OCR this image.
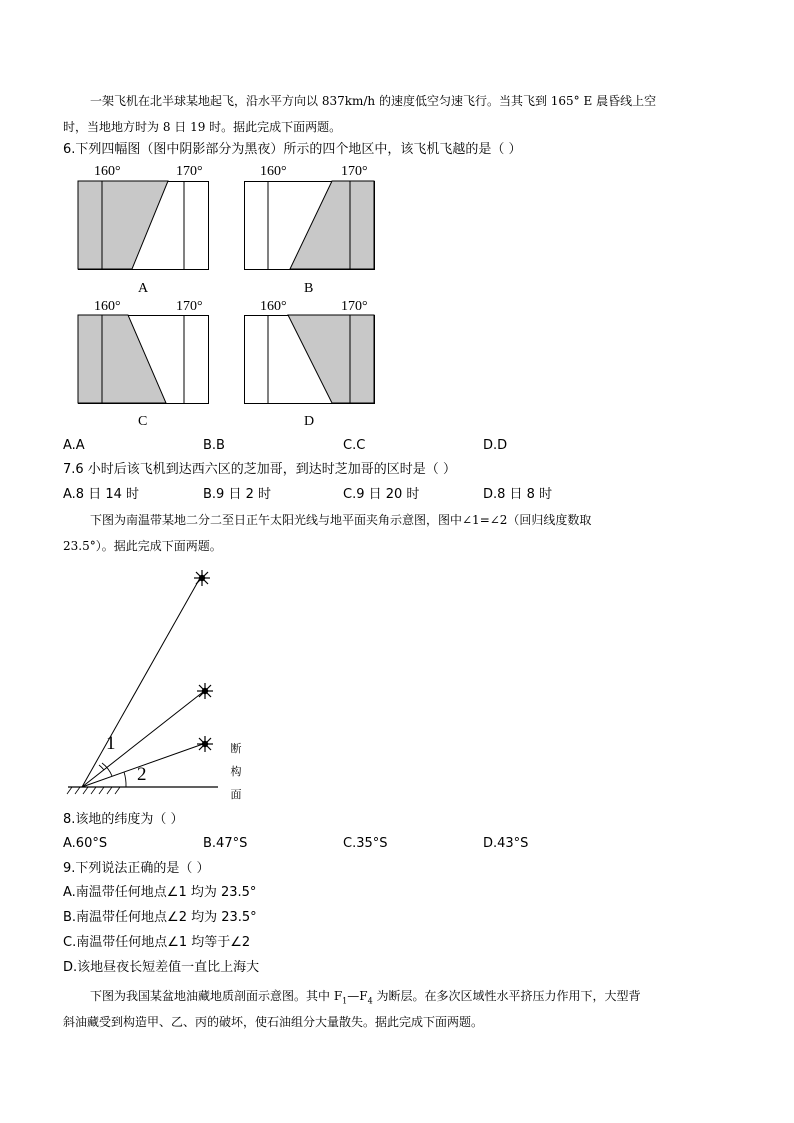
一架飞机在北半球某地起飞，沿水平方向以 837km/h 的速度低空匀速飞行。当其飞到 165° E 晨昏线上空
时，当地地方时为 8 日 19 时。据此完成下面两题。
6.下列四幅图（图中阴影部分为黑夜）所示的四个地区中，该飞机飞越的是（ ）
160°	170°
A
160°	170°
B
160°	170°
C
160°	170°
D
A.A	B.B	C.C	D.D
7.6 小时后该飞机到达西六区的芝加哥，到达时芝加哥的区时是（ ）
A.8 日 14 时	B.9 日 2 时	C.9 日 20 时	D.8 日 8 时
下图为南温带某地二分二至日正午太阳光线与地平面夹角示意图，图中∠1=∠2（回归线度数取
23.5°）。据此完成下面两题。
1
2
断
构
面
8.该地的纬度为（ ）
A.60°S	B.47°S	C.35°S	D.43°S
9.下列说法正确的是（ ）
A.南温带任何地点∠1 均为 23.5°
B.南温带任何地点∠2 均为 23.5°
C.南温带任何地点∠1 均等于∠2
D.该地昼夜长短差值一直比上海大
下图为我国某盆地油藏地质剖面示意图。其中 $F_1—F_4$ 为断层。在多次区域性水平挤压力作用下，大型背
斜油藏受到构造甲、乙、丙的破坏，使石油组分大量散失。据此完成下面两题。
